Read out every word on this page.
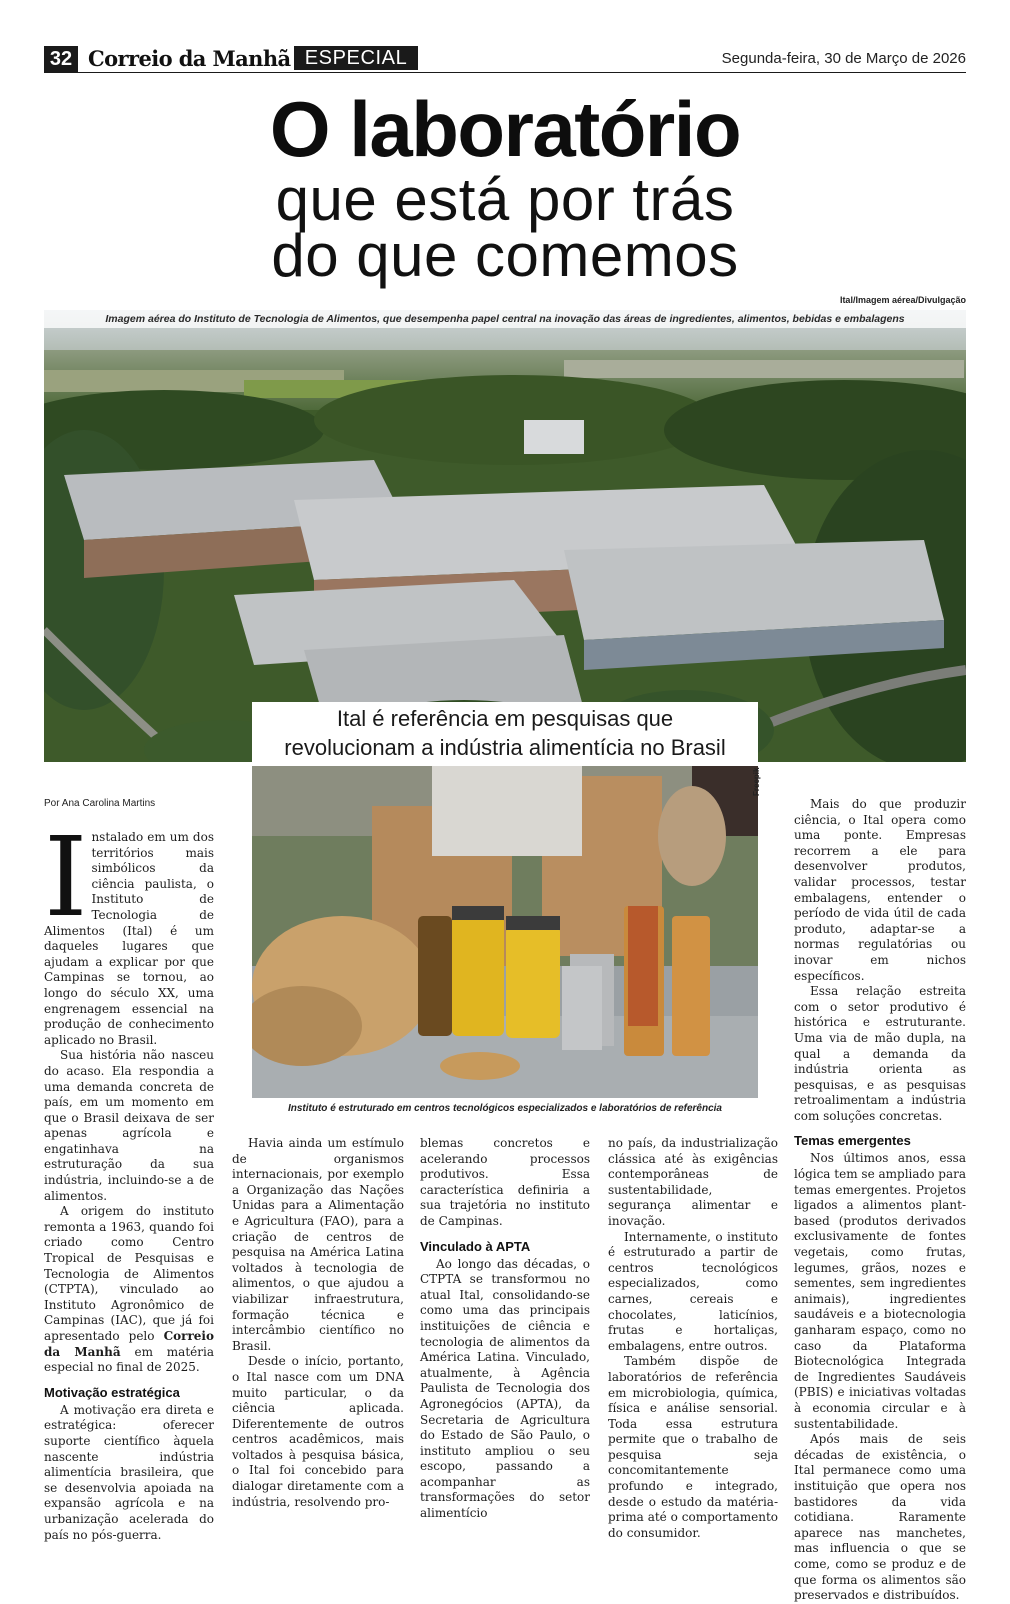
32 Correio da Manhã ESPECIAL	Segunda-feira, 30 de Março de 2026
O laboratório
que está por trás
do que comemos
Ital/Imagem aérea/Divulgação
Imagem aérea do Instituto de Tecnologia de Alimentos, que desempenha papel central na inovação das áreas de ingredientes, alimentos, bebidas e embalagens
Ital é referência em pesquisas que
revolucionam a indústria alimentícia no Brasil
Freepik
Instituto é estruturado em centros tecnológicos especializados e laboratórios de referência
Por Ana Carolina Martins

Instalado em um dos territórios mais simbólicos da ciência paulista, o Instituto de Tecnologia de Alimentos (Ital) é um daqueles lugares que ajudam a explicar por que Campinas se tornou, ao longo do século XX, uma engrenagem essencial na produção de conhecimento aplicado no Brasil.

Sua história não nasceu do acaso. Ela respondia a uma demanda concreta de país, em um momento em que o Brasil deixava de ser apenas agrícola e engatinhava na estruturação da sua indústria, incluindo-se a de alimentos.

A origem do instituto remonta a 1963, quando foi criado como Centro Tropical de Pesquisas e Tecnologia de Alimentos (CTPTA), vinculado ao Instituto Agronômico de Campinas (IAC), que já foi apresentado pelo Correio da Manhã em matéria especial no final de 2025.

Motivação estratégica

A motivação era direta e estratégica: oferecer suporte científico àquela nascente indústria alimentícia brasileira, que se desenvolvia apoiada na expansão agrícola e na urbanização acelerada do país no pós-guerra.

Havia ainda um estímulo de organismos internacionais, por exemplo a Organização das Nações Unidas para a Alimentação e Agricultura (FAO), para a criação de centros de pesquisa na América Latina voltados à tecnologia de alimentos, o que ajudou a viabilizar infraestrutura, formação técnica e intercâmbio científico no Brasil.

Desde o início, portanto, o Ital nasce com um DNA muito particular, o da ciência aplicada. Diferentemente de outros centros acadêmicos, mais voltados à pesquisa básica, o Ital foi concebido para dialogar diretamente com a indústria, resolvendo pro-

blemas concretos e acelerando processos produtivos. Essa característica definiria a sua trajetória no instituto de Campinas.

Vinculado à APTA

Ao longo das décadas, o CTPTA se transformou no atual Ital, consolidando-se como uma das principais instituições de ciência e tecnologia de alimentos da América Latina. Vinculado, atualmente, à Agência Paulista de Tecnologia dos Agronegócios (APTA), da Secretaria de Agricultura do Estado de São Paulo, o instituto ampliou o seu escopo, passando a acompanhar as transformações do setor alimentício

no país, da industrialização clássica até às exigências contemporâneas de sustentabilidade, segurança alimentar e inovação.

Internamente, o instituto é estruturado a partir de centros tecnológicos especializados, como carnes, cereais e chocolates, laticínios, frutas e hortaliças, embalagens, entre outros.

Também dispõe de laboratórios de referência em microbiologia, química, física e análise sensorial. Toda essa estrutura permite que o trabalho de pesquisa seja concomitantemente profundo e integrado, desde o estudo da matéria-prima até o comportamento do consumidor.

Mais do que produzir ciência, o Ital opera como uma ponte. Empresas recorrem a ele para desenvolver produtos, validar processos, testar embalagens, entender o período de vida útil de cada produto, adaptar-se a normas regulatórias ou inovar em nichos específicos.

Essa relação estreita com o setor produtivo é histórica e estruturante. Uma via de mão dupla, na qual a demanda da indústria orienta as pesquisas, e as pesquisas retroalimentam a indústria com soluções concretas.

Temas emergentes

Nos últimos anos, essa lógica tem se ampliado para temas emergentes. Projetos ligados a alimentos plant-based (produtos derivados exclusivamente de fontes vegetais, como frutas, legumes, grãos, nozes e sementes, sem ingredientes animais), ingredientes saudáveis e a biotecnologia ganharam espaço, como no caso da Plataforma Biotecnológica Integrada de Ingredientes Saudáveis (PBIS) e iniciativas voltadas à economia circular e à sustentabilidade.

Após mais de seis décadas de existência, o Ital permanece como uma instituição que opera nos bastidores da vida cotidiana. Raramente aparece nas manchetes, mas influencia o que se come, como se produz e de que forma os alimentos são preservados e distribuídos.
